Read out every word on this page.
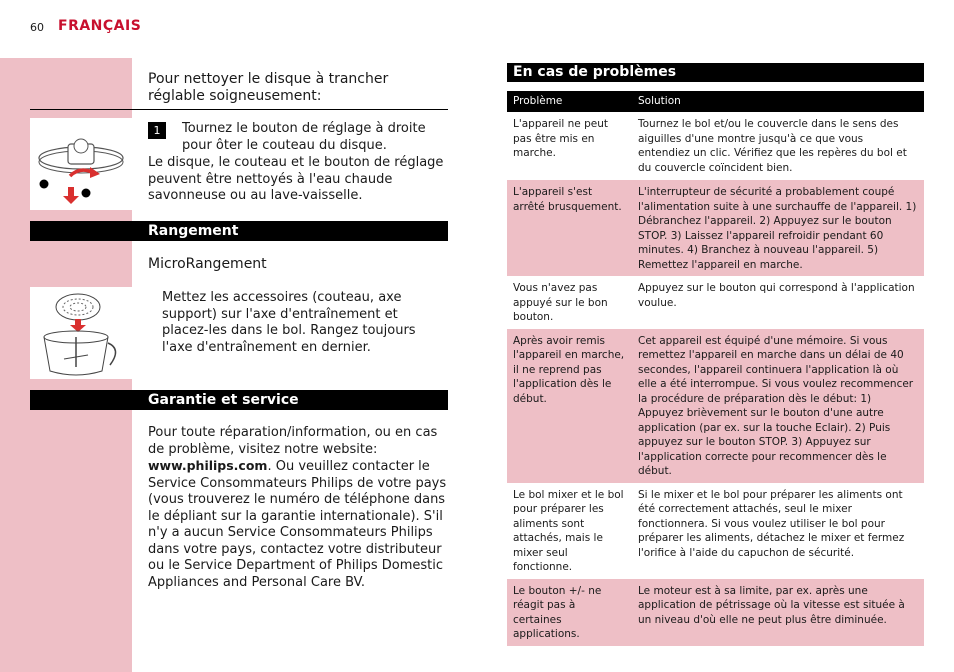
60 FRANÇAIS
Pour nettoyer le disque à trancher réglable soigneusement:
1	Tournez le bouton de réglage à droite pour ôter le couteau du disque.
Le disque, le couteau et le bouton de réglage peuvent être nettoyés à l'eau chaude savonneuse ou au lave-vaisselle.
Rangement
MicroRangement
Mettez les accessoires (couteau, axe support) sur l'axe d'entraînement et placez-les dans le bol. Rangez toujours l'axe d'entraînement en dernier.
Garantie et service
Pour toute réparation/information, ou en cas de problème, visitez notre website: www.philips.com. Ou veuillez contacter le Service Consommateurs Philips de votre pays (vous trouverez le numéro de téléphone dans le dépliant sur la garantie internationale). S'il n'y a aucun Service Consommateurs Philips dans votre pays, contactez votre distributeur ou le Service Department of Philips Domestic Appliances and Personal Care BV.
En cas de problèmes
Problème	Solution
L'appareil ne peut pas être mis en marche.	Tournez le bol et/ou le couvercle dans le sens des aiguilles d'une montre jusqu'à ce que vous entendiez un clic. Vérifiez que les repères du bol et du couvercle coïncident bien.
L'appareil s'est arrêté brusquement.	L'interrupteur de sécurité a probablement coupé l'alimentation suite à une surchauffe de l'appareil. 1) Débranchez l'appareil. 2) Appuyez sur le bouton STOP. 3) Laissez l'appareil refroidir pendant 60 minutes. 4) Branchez à nouveau l'appareil. 5) Remettez l'appareil en marche.
Vous n'avez pas appuyé sur le bon bouton.	Appuyez sur le bouton qui correspond à l'application voulue.
Après avoir remis l'appareil en marche, il ne reprend pas l'application dès le début.	Cet appareil est équipé d'une mémoire. Si vous remettez l'appareil en marche dans un délai de 40 secondes, l'appareil continuera l'application là où elle a été interrompue. Si vous voulez recommencer la procédure de préparation dès le début: 1) Appuyez brièvement sur le bouton d'une autre application (par ex. sur la touche Eclair). 2) Puis appuyez sur le bouton STOP. 3) Appuyez sur l'application correcte pour recommencer dès le début.
Le bol mixer et le bol pour préparer les aliments sont attachés, mais le mixer seul fonctionne.	Si le mixer et le bol pour préparer les aliments ont été correctement attachés, seul le mixer fonctionnera. Si vous voulez utiliser le bol pour préparer les aliments, détachez le mixer et fermez l'orifice à l'aide du capuchon de sécurité.
Le bouton +/- ne réagit pas à certaines applications.	Le moteur est à sa limite, par ex. après une application de pétrissage où la vitesse est située à un niveau d'où elle ne peut plus être diminuée.
